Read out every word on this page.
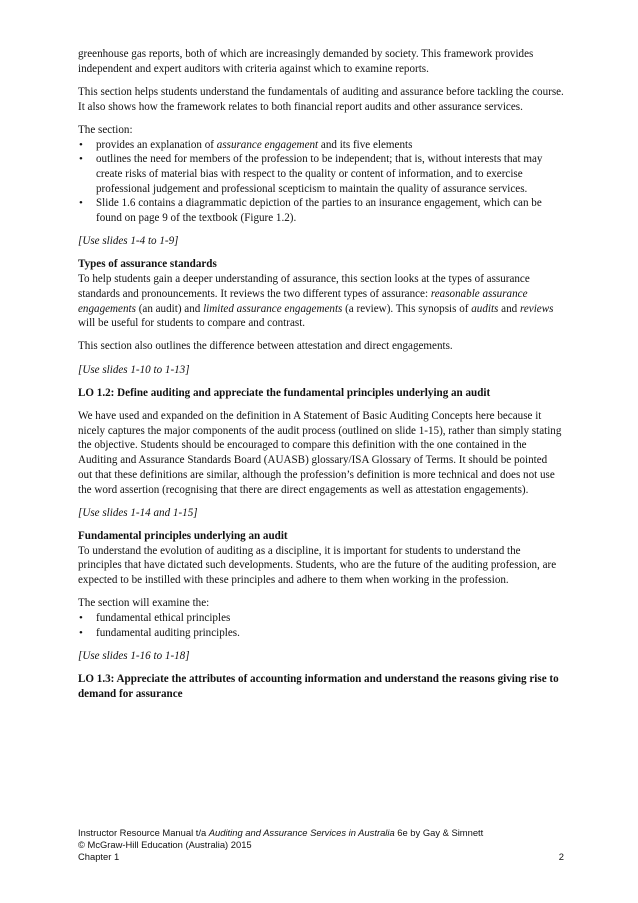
greenhouse gas reports, both of which are increasingly demanded by society. This framework provides independent and expert auditors with criteria against which to examine reports.

This section helps students understand the fundamentals of auditing and assurance before tackling the course. It also shows how the framework relates to both financial report audits and other assurance services.

The section:

• provides an explanation of assurance engagement and its five elements
• outlines the need for members of the profession to be independent; that is, without interests that may create risks of material bias with respect to the quality or content of information, and to exercise professional judgement and professional scepticism to maintain the quality of assurance services.
• Slide 1.6 contains a diagrammatic depiction of the parties to an insurance engagement, which can be found on page 9 of the textbook (Figure 1.2).

[Use slides 1-4 to 1-9]

Types of assurance standards

To help students gain a deeper understanding of assurance, this section looks at the types of assurance standards and pronouncements. It reviews the two different types of assurance: reasonable assurance engagements (an audit) and limited assurance engagements (a review). This synopsis of audits and reviews will be useful for students to compare and contrast.

This section also outlines the difference between attestation and direct engagements.

[Use slides 1-10 to 1-13]

LO 1.2: Define auditing and appreciate the fundamental principles underlying an audit

We have used and expanded on the definition in A Statement of Basic Auditing Concepts here because it nicely captures the major components of the audit process (outlined on slide 1-15), rather than simply stating the objective. Students should be encouraged to compare this definition with the one contained in the Auditing and Assurance Standards Board (AUASB) glossary/ISA Glossary of Terms. It should be pointed out that these definitions are similar, although the profession’s definition is more technical and does not use the word assertion (recognising that there are direct engagements as well as attestation engagements).

[Use slides 1-14 and 1-15]

Fundamental principles underlying an audit

To understand the evolution of auditing as a discipline, it is important for students to understand the principles that have dictated such developments. Students, who are the future of the auditing profession, are expected to be instilled with these principles and adhere to them when working in the profession.

The section will examine the:

• fundamental ethical principles
• fundamental auditing principles.

[Use slides 1-16 to 1-18]

LO 1.3: Appreciate the attributes of accounting information and understand the reasons giving rise to demand for assurance

Instructor Resource Manual t/a Auditing and Assurance Services in Australia 6e by Gay & Simnett
© McGraw-Hill Education (Australia) 2015
Chapter 1	2
